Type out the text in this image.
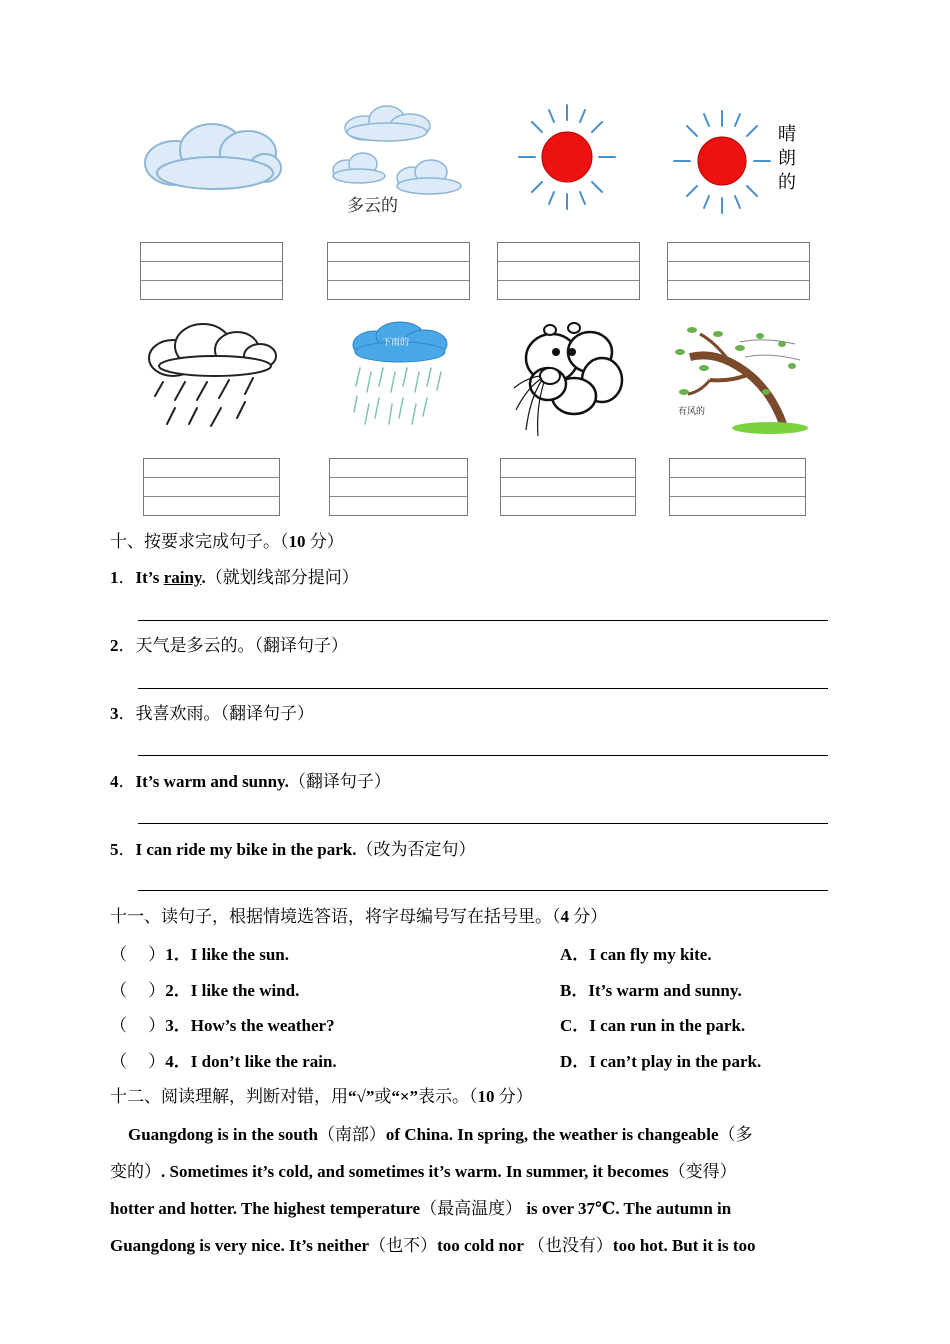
多云的
晴
朗
的
下雨的
有风的
十、按要求完成句子。（10 分）
1．It’s rainy.（就划线部分提问）
2．天气是多云的。（翻译句子）
3．我喜欢雨。（翻译句子）
4．It’s warm and sunny.（翻译句子）
5．I can ride my bike in the park.（改为否定句）
十一、读句子，根据情境选答语，将字母编号写在括号里。（4 分）
（　 ）1．I like the sun.
（　 ）2．I like the wind.
（　 ）3．How’s the weather?
（　 ）4．I don’t like the rain.
A．I can fly my kite.
B．It’s warm and sunny.
C．I can run in the park.
D．I can’t play in the park.
十二、阅读理解，判断对错，用“√”或“×”表示。（10 分）
Guangdong is in the south（南部）of China. In spring, the weather is changeable（多
变的）. Sometimes it’s cold, and sometimes it’s warm. In summer, it becomes（变得）
hotter and hotter. The highest temperature（最高温度） is over 37℃. The autumn in
Guangdong is very nice. It’s neither（也不）too cold nor （也没有）too hot. But it is too
